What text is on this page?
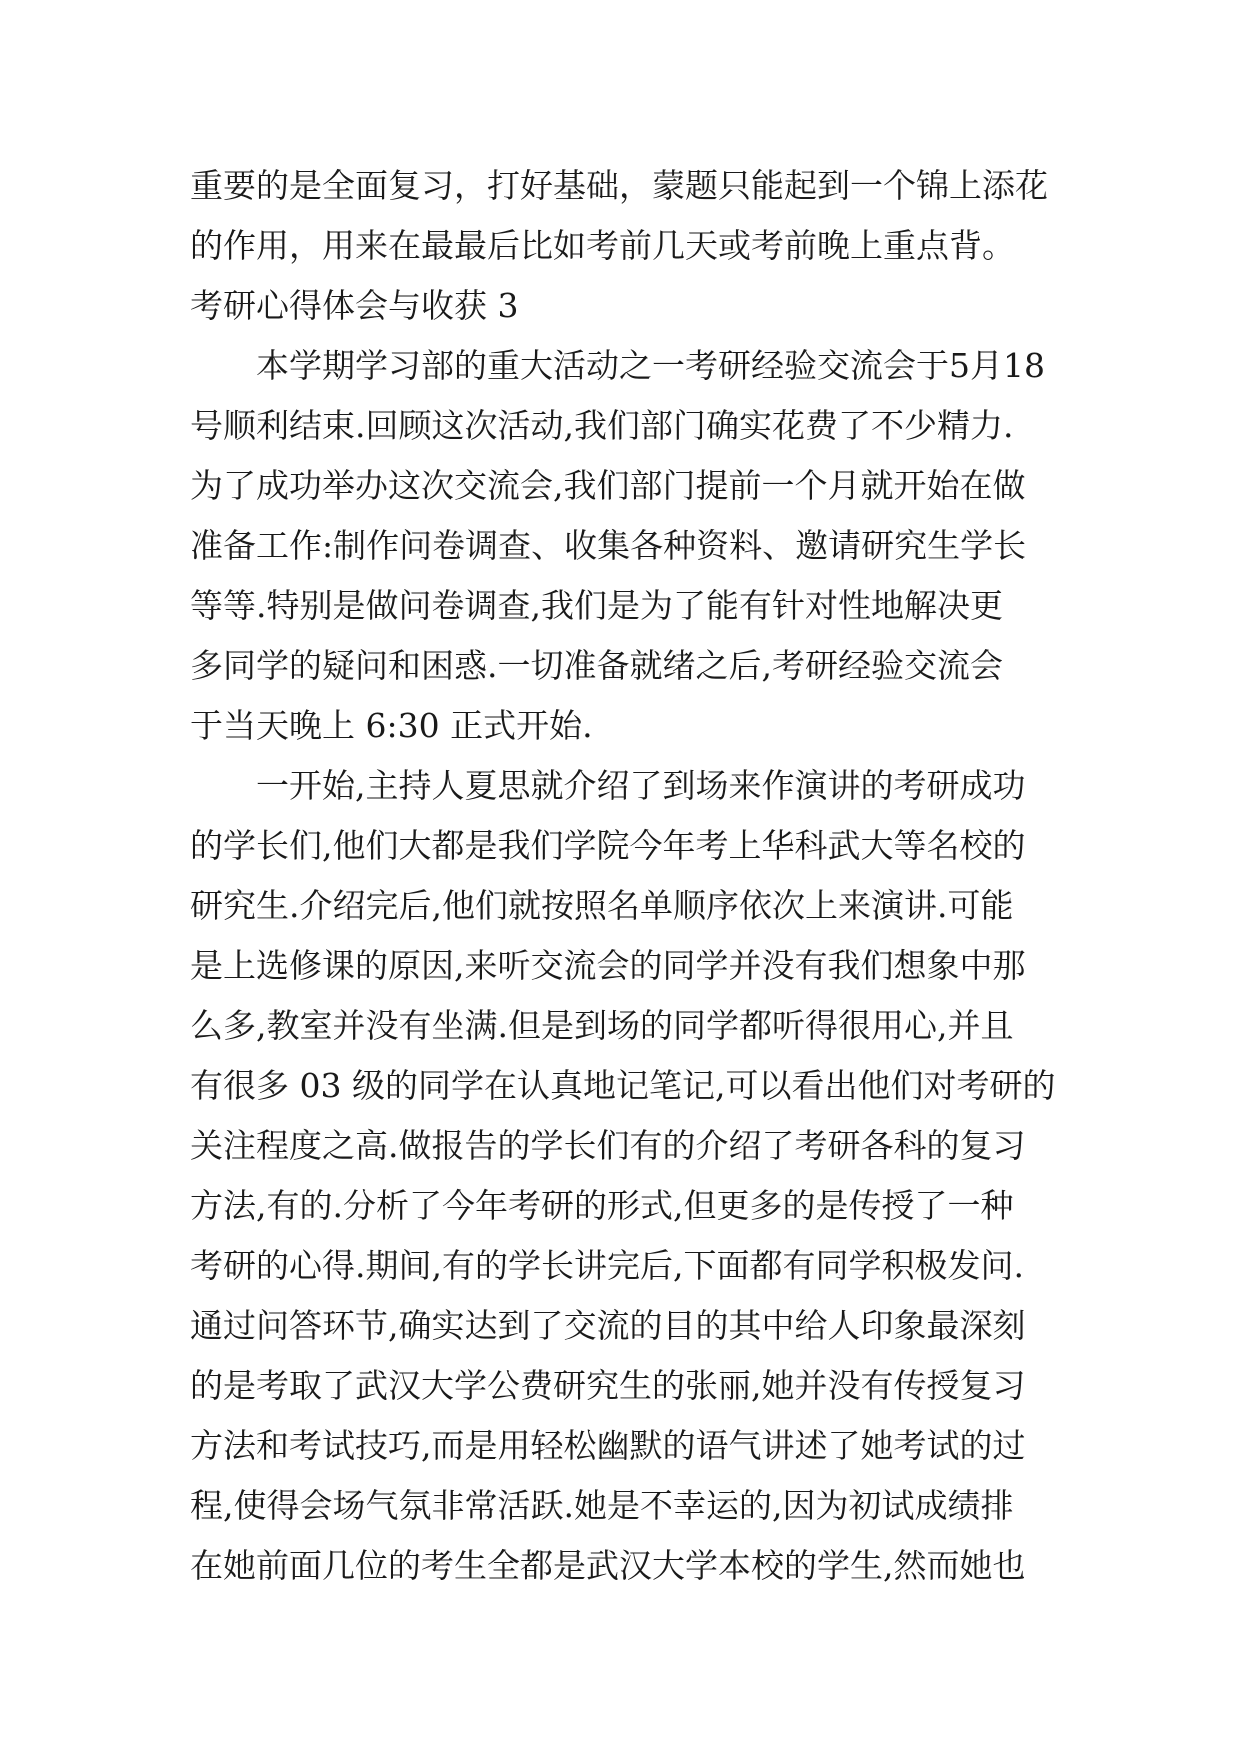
重要的是全面复习，打好基础，蒙题只能起到一个锦上添花
的作用，用来在最最后比如考前几天或考前晚上重点背。
考研心得体会与收获 3
本学期学习部的重大活动之一考研经验交流会于5月18
号顺利结束.回顾这次活动,我们部门确实花费了不少精力.
为了成功举办这次交流会,我们部门提前一个月就开始在做
准备工作:制作问卷调查、收集各种资料、邀请研究生学长
等等.特别是做问卷调查,我们是为了能有针对性地解决更
多同学的疑问和困惑.一切准备就绪之后,考研经验交流会
于当天晚上 6:30 正式开始.
一开始,主持人夏思就介绍了到场来作演讲的考研成功
的学长们,他们大都是我们学院今年考上华科武大等名校的
研究生.介绍完后,他们就按照名单顺序依次上来演讲.可能
是上选修课的原因,来听交流会的同学并没有我们想象中那
么多,教室并没有坐满.但是到场的同学都听得很用心,并且
有很多 03 级的同学在认真地记笔记,可以看出他们对考研的
关注程度之高.做报告的学长们有的介绍了考研各科的复习
方法,有的.分析了今年考研的形式,但更多的是传授了一种
考研的心得.期间,有的学长讲完后,下面都有同学积极发问.
通过问答环节,确实达到了交流的目的其中给人印象最深刻
的是考取了武汉大学公费研究生的张丽,她并没有传授复习
方法和考试技巧,而是用轻松幽默的语气讲述了她考试的过
程,使得会场气氛非常活跃.她是不幸运的,因为初试成绩排
在她前面几位的考生全都是武汉大学本校的学生,然而她也
